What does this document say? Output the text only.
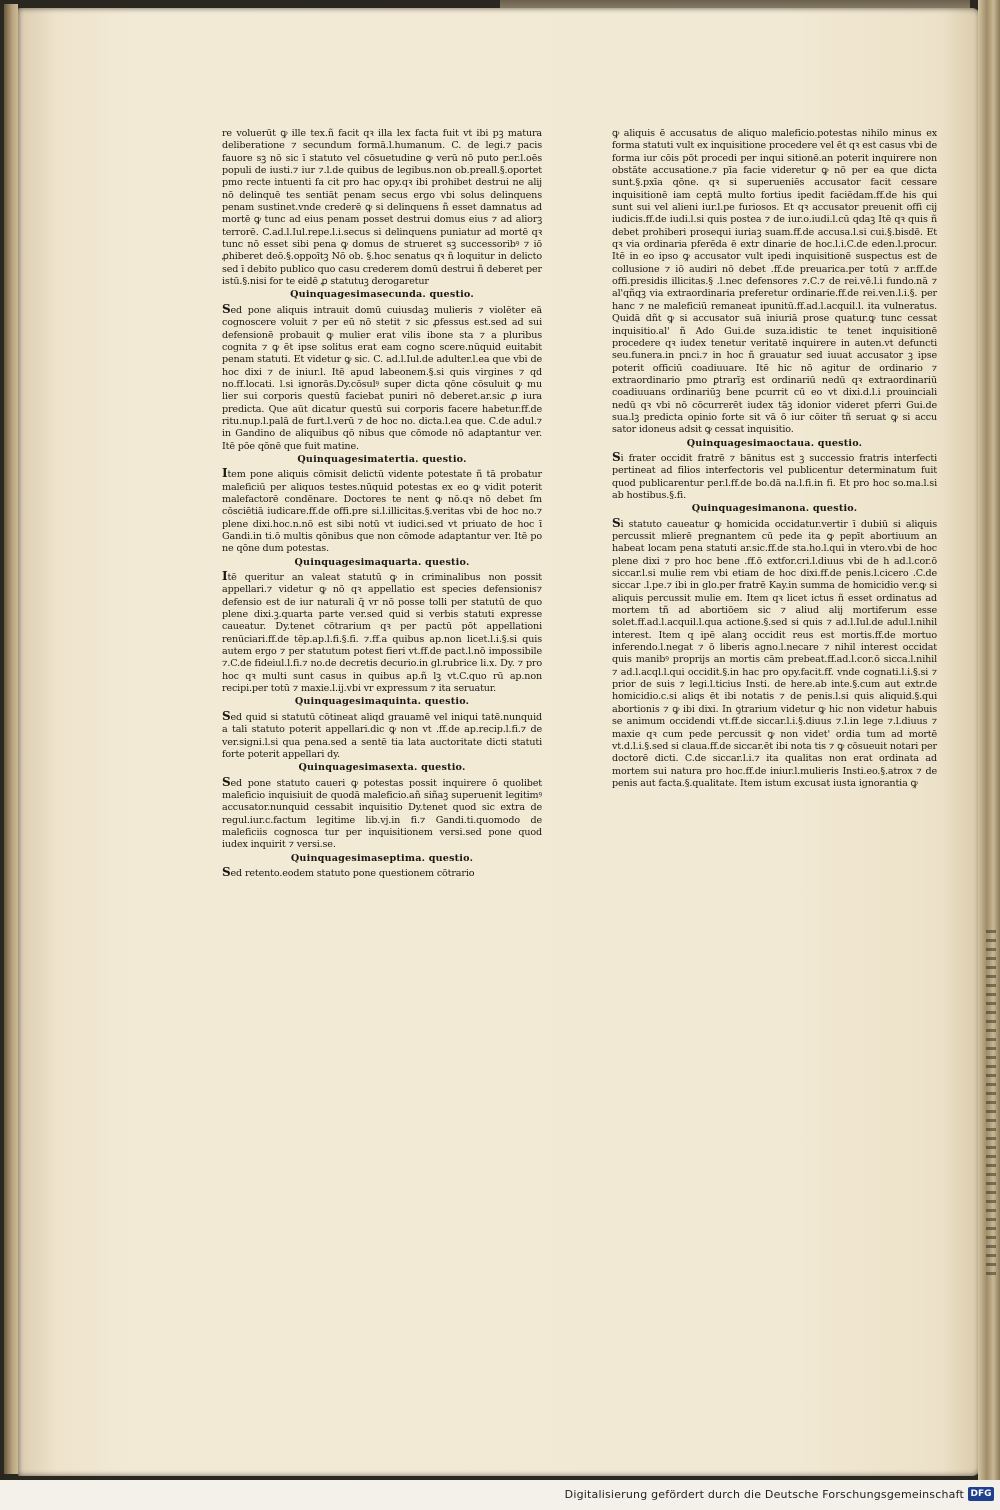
re voluerūt ꝙ ille tex.ñ facit qꝛ illa lex facta fuit vt ibi pꝫ matura deliberatione ⁊ secundum formā.l.humanum. C. de legi.⁊ pacis fauore sꝫ nō sic ī statuto vel cōsuetudine ꝙ verū nō puto per.l.oēs populi de iusti.⁊ iur ⁊.l.de quibus de legibus.non ob.preall.§.oportet pmo recte intuenti fa cit pro hac opy.qꝛ ibi prohibet destrui ne alij nō delinquē tes sentiāt penam secus ergo vbi solus delinquens penam sustinet.vnde crederē ꝙ si delinquens ñ esset damnatus ad mortē ꝙ tunc ad eius penam posset destrui domus eius ⁊ ad aliorꝫ terrorē. C.ad.l.Iul.repe.l.i.secus si delinquens puniatur ad mortē qꝛ tunc nō esset sibi pena ꝙ domus de strueret sꝫ successoribꝰ ⁊ iō ꝓhiberet deō.§.oppoītꝫ Nō ob. §.hoc senatus qꝛ ñ loquitur in delicto sed ī debito publico quo casu crederem domū destrui ñ deberet per istū.§.nisi for te eidē ꝓ statutuꝫ derogaretur

Quinquagesimasecunda. questio.

Sed pone aliquis intrauit domū cuiusdaꝫ mulieris ⁊ violēter eā cognoscere voluit ⁊ per eū nō stetit ⁊ sic ꝓfessus est.sed ad sui defensionē probauit ꝙ mulier erat vilis ibone sta ⁊ a pluribus cognita ⁊ ꝙ ēt ipse solitus erat eam cogno scere.nūquid euitabit penam statuti. Et videtur ꝙ sic. C. ad.l.Iul.de adulter.l.ea que vbi de hoc dixi ⁊ de iniur.l. Itē apud labeonem.§.si quis virgines ⁊ qd no.ff.locati. l.si ignorās.Dy.cōsulꝰ super dicta qōne cōsuluit ꝙ mu lier sui corporis questū faciebat puniri nō deberet.ar.sic ꝓ iura predicta. Que aūt dicatur questū sui corporis facere habetur.ff.de ritu.nup.l.palā de furt.l.verū ⁊ de hoc no. dicta.l.ea que. C.de adul.⁊ in Gandino de aliquibus qō nibus que cōmode nō adaptantur ver. Itē pōe qōnē que fuit matine.

Quinquagesimatertia. questio.

Item pone aliquis cōmisit delictū vidente potestate ñ tā probatur maleficiū per aliquos testes.nūquid potestas ex eo ꝙ vidit poterit malefactorē condēnare. Doctores te nent ꝙ nō.qꝛ nō debet ſm cōsciētiā iudicare.ff.de offi.pre si.l.illicitas.§.veritas vbi de hoc no.⁊ plene dixi.hoc.n.nō est sibi notū vt iudici.sed vt priuato de hoc ī Gandi.in ti.ō multis qōnibus que non cōmode adaptantur ver. Itē po ne qōne dum potestas.

Quinquagesimaquarta. questio.

Itē queritur an valeat statutū ꝙ in criminalibus non possit appellari.⁊ videtur ꝙ nō qꝛ appellatio est species defensionis⁊ defensio est de iur naturali q̄ vr nō posse tolli per statutū de quo plene dixi.ꝫ.quarta parte ver.sed quid si verbis statuti expresse caueatur. Dy.tenet cōtrarium qꝛ per pactū pōt appellationi renūciari.ff.de tēp.ap.l.fi.§.fi. ⁊.ff.a quibus ap.non licet.l.i.§.si quis autem ergo ⁊ per statutum potest fieri vt.ff.de pact.l.nō impossibile ⁊.C.de fideiul.l.fi.⁊ no.de decretis decurio.in gl.rubrice li.x. Dy. ⁊ pro hoc qꝛ multi sunt casus in quibus ap.ñ lꝫ vt.C.quo rū ap.non recipi.per totū ⁊ maxie.l.ij.vbi vr expressum ⁊ ita seruatur.

Quinquagesimaquinta. questio.

Sed quid si statutū cōtineat aliqd grauamē vel iniqui tatē.nunquid a tali statuto poterit appellari.dic ꝙ non vt .ff.de ap.recip.l.fi.⁊ de ver.signi.l.si qua pena.sed a sentē tia lata auctoritate dicti statuti forte poterit appellari dy.

Quinquagesimasexta. questio.

Sed pone statuto caueri ꝙ potestas possit inquirere ō quolibet maleficio inquisiuit de quodā maleficio.añ siñaꝫ superuenit legitimꝰ accusator.nunquid cessabit inquisitio Dy.tenet quod sic extra de regul.iur.c.factum legitime lib.vj.in fi.⁊ Gandi.ti.quomodo de maleficiis cognosca tur per inquisitionem versi.sed pone quod iudex inquirit ⁊ versi.se.

Quinquagesimaseptima. questio.

Sed retento.eodem statuto pone questionem cōtrario

ꝙ aliquis ē accusatus de aliquo maleficio.potestas nihilo minus ex forma statuti vult ex inquisitione procedere vel ēt qꝛ est casus vbi de forma iur cōis pōt procedi per inqui sitionē.an poterit inquirere non obstāte accusatione.⁊ pīa facie videretur ꝙ nō per ea que dicta sunt.§.pxīa qōne. qꝛ si superueniēs accusator facit cessare inquisitionē iam ceptā multo fortius ipedit faciēdam.ff.de his qui sunt sui vel alieni iur.l.pe furiosos. Et qꝛ accusator preuenit offi cij iudicis.ff.de iudi.l.si quis postea ⁊ de iur.o.iudi.l.cū qdaꝫ Itē qꝛ quis ñ debet prohiberi prosequi iuriaꝫ suam.ff.de accusa.l.si cui.§.bisdē. Et qꝛ via ordinaria pferēda ē extr dinarie de hoc.l.i.C.de eden.l.procur. Itē in eo ipso ꝙ accusator vult ipedi inquisitionē suspectus est de collusione ⁊ iō audiri nō debet .ff.de preuarica.per totū ⁊ ar.ff.de offi.presidis illicitas.§ .l.nec defensores ⁊.C.⁊ de rei.vē.l.i fundo.nā ⁊ al'qñqꝫ via extraordinaria preferetur ordinarie.ff.de rei.ven.l.i.§. per hanc ⁊ ne maleficiū remaneat ipunitū.ff.ad.l.acquil.l. ita vulneratus. Quidā dñt ꝙ si accusator suā iniuriā prose quatur.ꝙ tunc cessat inquisitio.al' ñ Ado Gui.de suza.idistic te tenet inquisitionē procedere qꝛ iudex tenetur veritatē inquirere in auten.vt defuncti seu.funera.in pnci.⁊ in hoc ñ grauatur sed iuuat accusator ꝫ ipse poterit officiū coadiuuare. Itē hic nō agitur de ordinario ⁊ extraordinario pmo ꝑtrarīꝫ est ordinariū nedū qꝛ extraordinariū coadiuuans ordinariūꝫ bene pcurrit cū eo vt dixi.d.l.i prouinciali nedū qꝛ vbi nō cōcurrerēt iudex tāꝫ idonior videret pferri Gui.de sua.lꝫ predicta opinio forte sit vā ō iur cōiter tñ seruat ꝙ si accu sator idoneus adsit ꝙ cessat inquisitio.

Quinquagesimaoctaua. questio.

Si frater occidit fratrē ⁊ bānitus est ꝫ successio fratris interfecti pertineat ad filios interfectoris vel publicentur determinatum fuit quod publicarentur per.l.ff.de bo.dā na.l.fi.in fi. Et pro hoc so.ma.l.si ab hostibus.§.fi.

Quinquagesimanona. questio.

Si statuto caueatur ꝙ homicida occidatur.vertir ī dubiū si aliquis percussit mlierē pregnantem cū pede ita ꝙ pepīt abortiuum an habeat locam pena statuti ar.sic.ff.de sta.ho.l.qui in vtero.vbi de hoc plene dixi ⁊ pro hoc bene .ff.ō extfor.cri.l.diuus vbi de h ad.l.cor.ō siccar.l.si mulie rem vbi etiam de hoc dixi.ff.de penis.l.cicero .C.de siccar .l.pe.⁊ ibi in glo.per fratrē Kay.in summa de homicidio ver.ꝙ si aliquis percussit mulie em. Item qꝛ licet ictus ñ esset ordinatus ad mortem tñ ad abortiōem sic ⁊ aliud alij mortiferum esse solet.ff.ad.l.acquil.l.qua actione.§.sed si quis ⁊ ad.l.Iul.de adul.l.nihil interest. Item q ipē alanꝫ occidit reus est mortis.ff.de mortuo inferendo.l.negat ⁊ ō liberis agno.l.necare ⁊ nihil interest occidat quis manibꝰ proprijs an mortis cām prebeat.ff.ad.l.cor.ō sicca.l.nihil ⁊ ad.l.acql.l.qui occidit.§.in hac pro opy.facit.ff. vnde cognati.l.i.§.si ⁊ prior de suis ⁊ legi.l.ticius Insti. de here.ab inte.§.cum aut extr.de homicidio.c.si aliqs ēt ibi notatis ⁊ de penis.l.si quis aliquid.§.qui abortionis ⁊ ꝙ ibi dixi. In ꝯtrarium videtur ꝙ hic non videtur habuis se animum occidendi vt.ff.de siccar.l.i.§.diuus ⁊.l.in lege ⁊.l.diuus ⁊ maxie qꝛ cum pede percussit ꝙ non videt' ordia tum ad mortē vt.d.l.i.§.sed si claua.ff.de siccar.ēt ibi nota tis ⁊ ꝙ cōsueuit notari per doctorē dicti. C.de siccar.l.i.⁊ ita qualitas non erat ordinata ad mortem sui natura pro hoc.ff.de iniur.l.mulieris Insti.eo.§.atrox ⁊ de penis aut facta.§.qualitate. Item istum excusat iusta ignorantia ꝙ

Digitalisierung gefördert durch die Deutsche Forschungsgemeinschaft DFG
